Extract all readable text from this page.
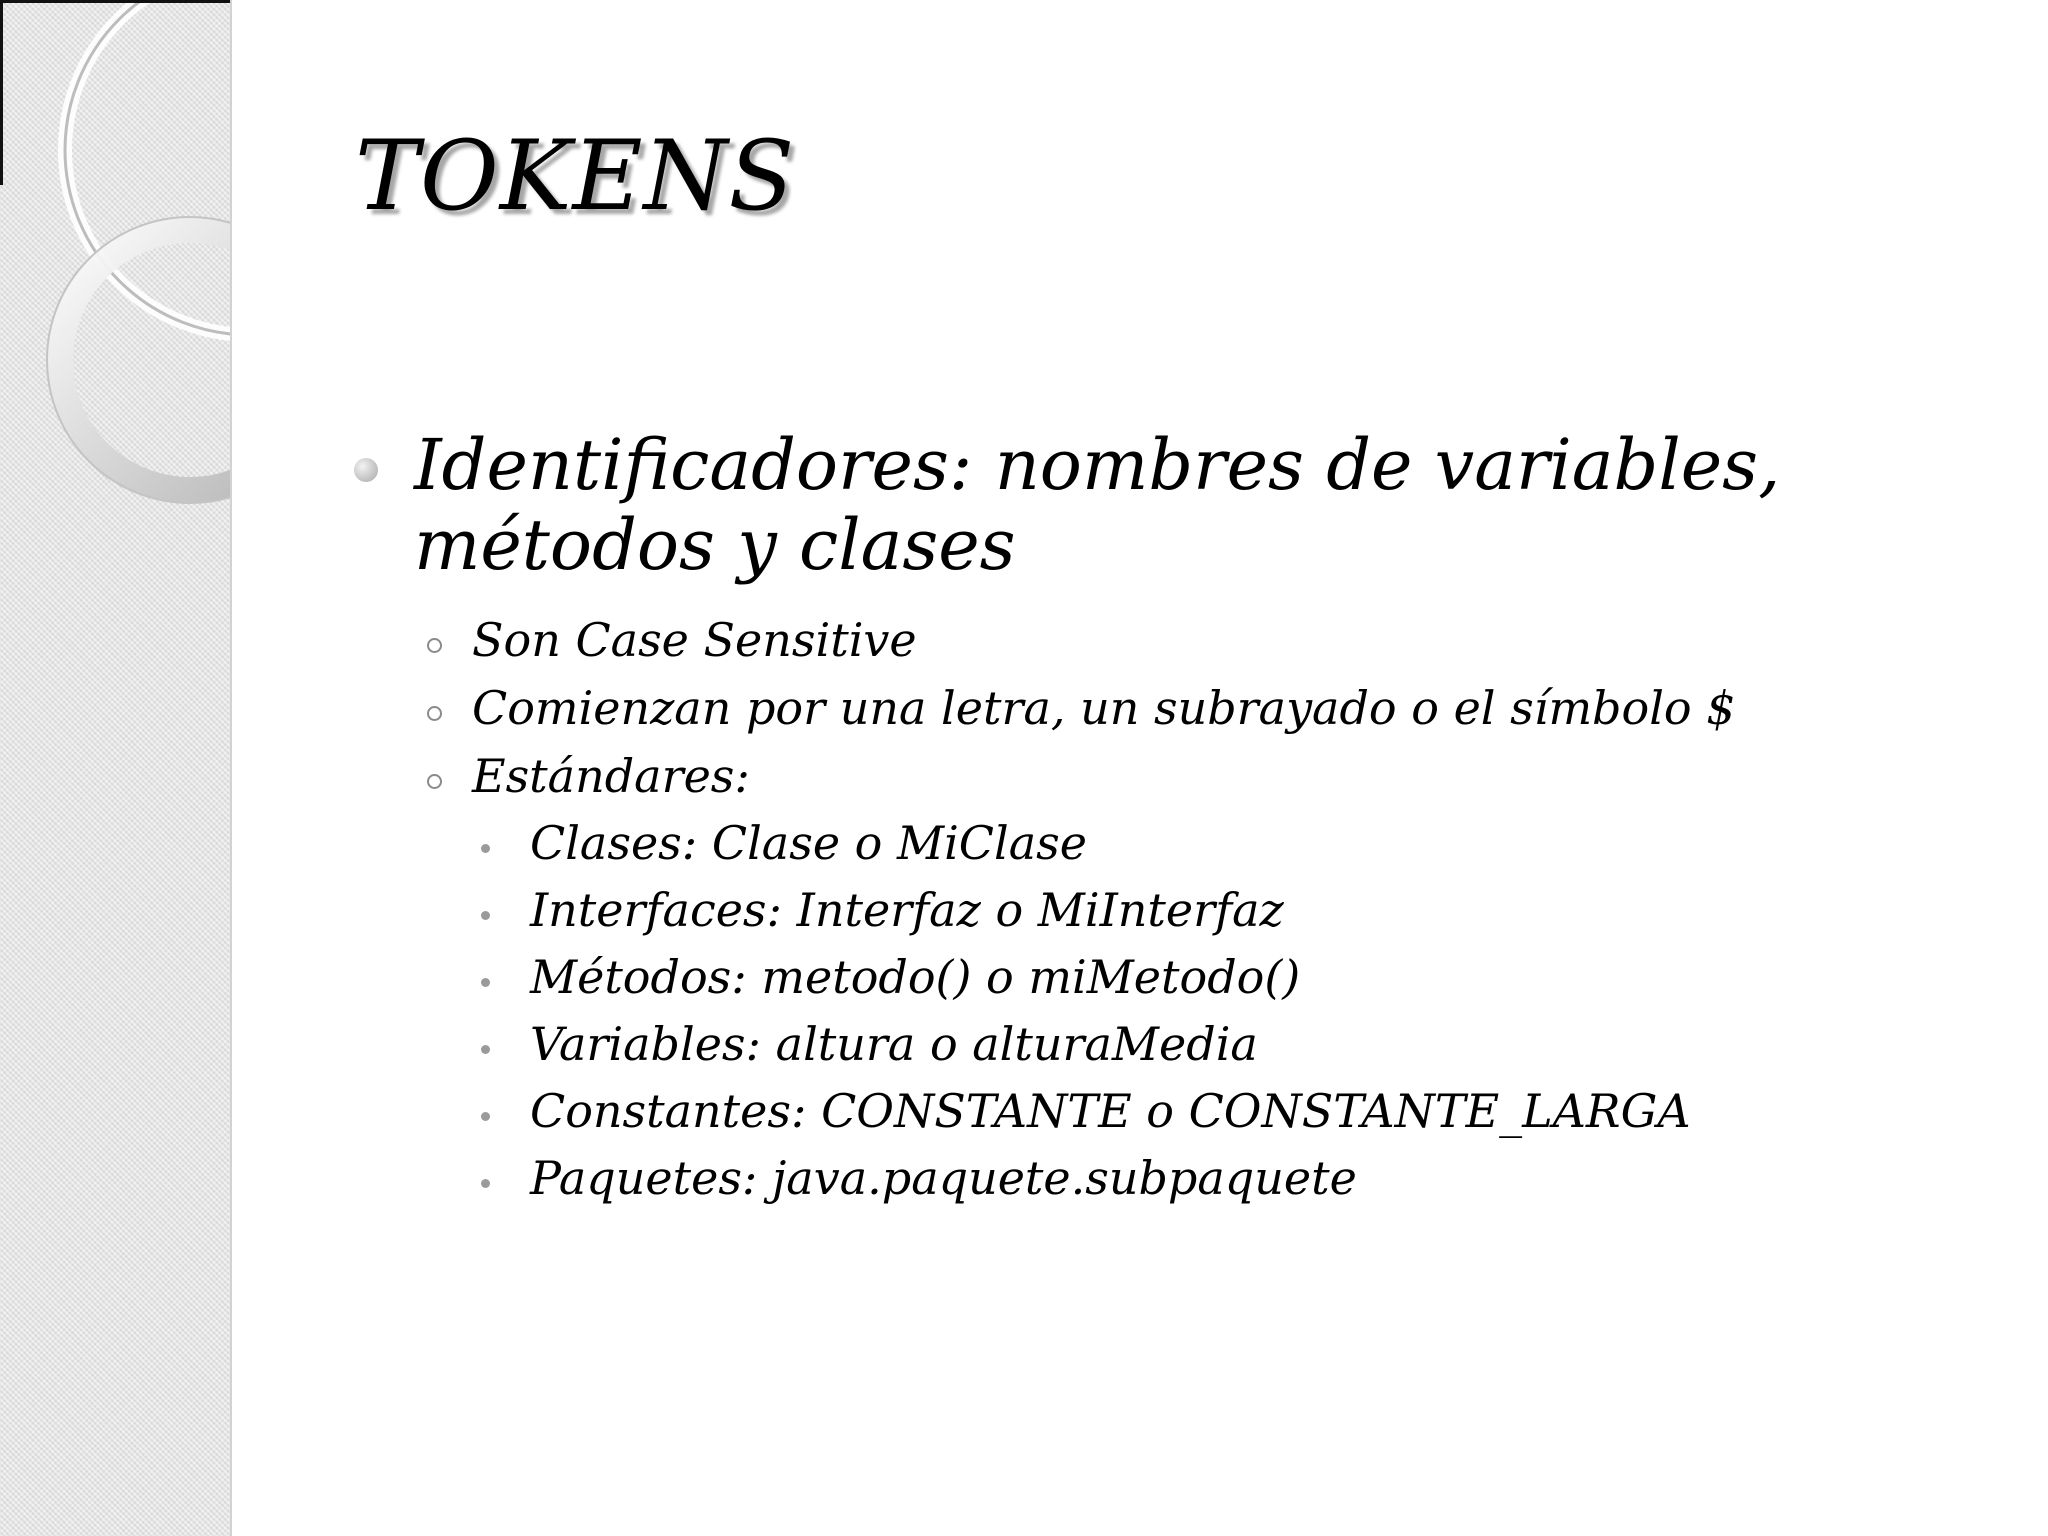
TOKENS
Identificadores: nombres de variables, métodos y clases
Son Case Sensitive
Comienzan por una letra, un subrayado o el símbolo $
Estándares:
Clases: Clase o MiClase
Interfaces: Interfaz o MiInterfaz
Métodos: metodo() o miMetodo()
Variables: altura o alturaMedia
Constantes: CONSTANTE o CONSTANTE_LARGA
Paquetes: java.paquete.subpaquete
